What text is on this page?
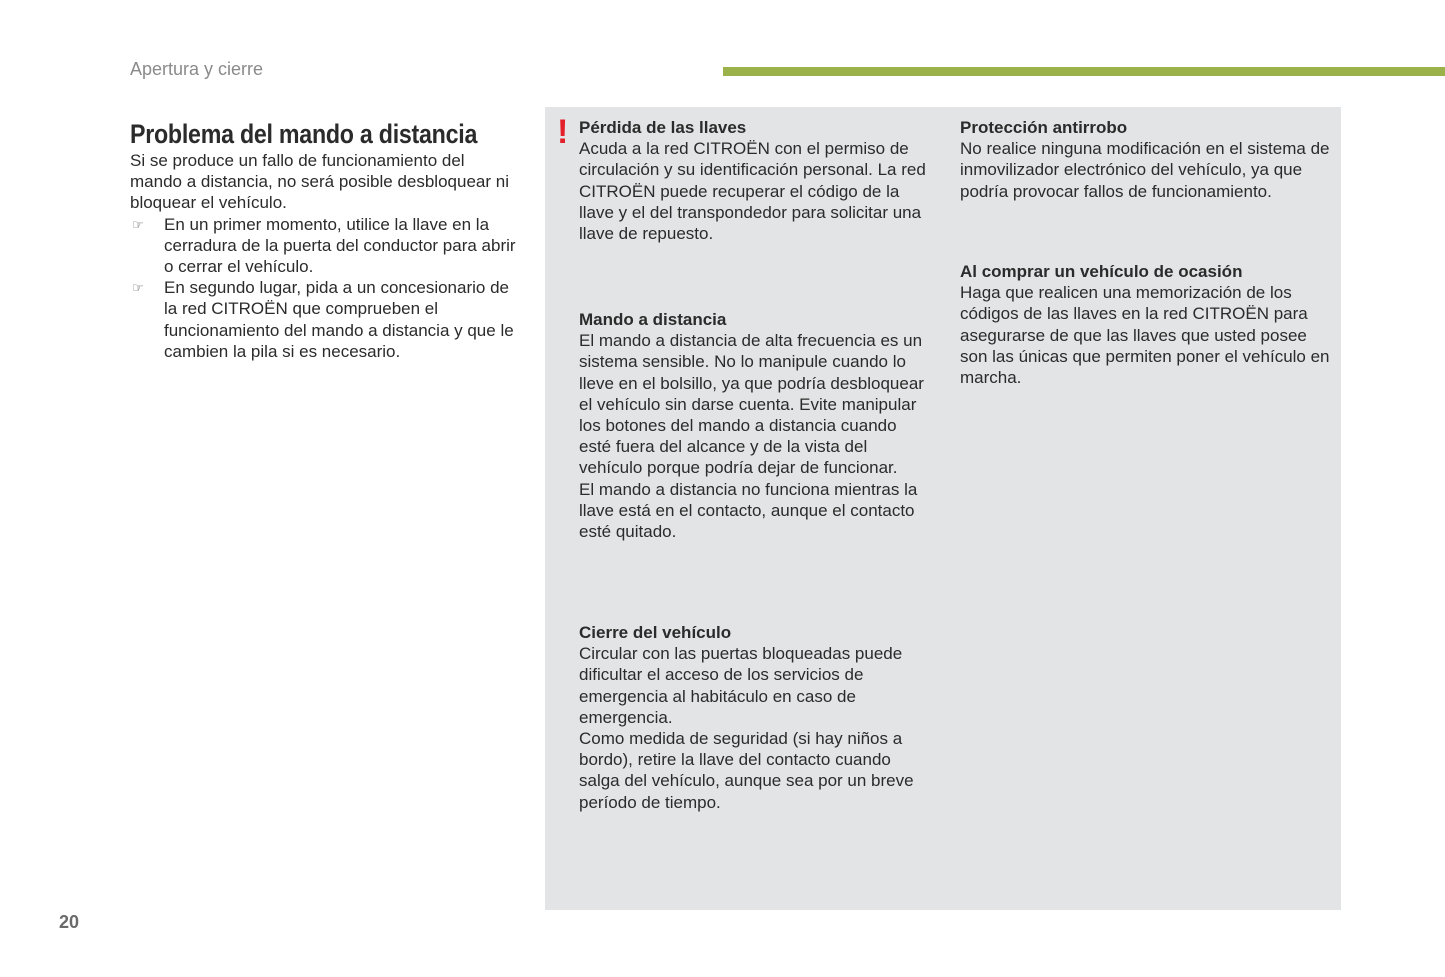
Apertura y cierre
Problema del mando a distancia

Si se produce un fallo de funcionamiento del mando a distancia, no será posible desbloquear ni bloquear el vehículo.

☞ En un primer momento, utilice la llave en la cerradura de la puerta del conductor para abrir o cerrar el vehículo.
☞ En segundo lugar, pida a un concesionario de la red CITROËN que comprueben el funcionamiento del mando a distancia y que le cambien la pila si es necesario.
! Pérdida de las llaves

Acuda a la red CITROËN con el permiso de circulación y su identificación personal. La red CITROËN puede recuperar el código de la llave y el del transpondedor para solicitar una llave de repuesto.

Mando a distancia

El mando a distancia de alta frecuencia es un sistema sensible. No lo manipule cuando lo lleve en el bolsillo, ya que podría desbloquear el vehículo sin darse cuenta. Evite manipular los botones del mando a distancia cuando esté fuera del alcance y de la vista del vehículo porque podría dejar de funcionar.

El mando a distancia no funciona mientras la llave está en el contacto, aunque el contacto esté quitado.

Cierre del vehículo

Circular con las puertas bloqueadas puede dificultar el acceso de los servicios de emergencia al habitáculo en caso de emergencia.

Como medida de seguridad (si hay niños a bordo), retire la llave del contacto cuando salga del vehículo, aunque sea por un breve período de tiempo.

Protección antirrobo

No realice ninguna modificación en el sistema de inmovilizador electrónico del vehículo, ya que podría provocar fallos de funcionamiento.

Al comprar un vehículo de ocasión

Haga que realicen una memorización de los códigos de las llaves en la red CITROËN para asegurarse de que las llaves que usted posee son las únicas que permiten poner el vehículo en marcha.

20
